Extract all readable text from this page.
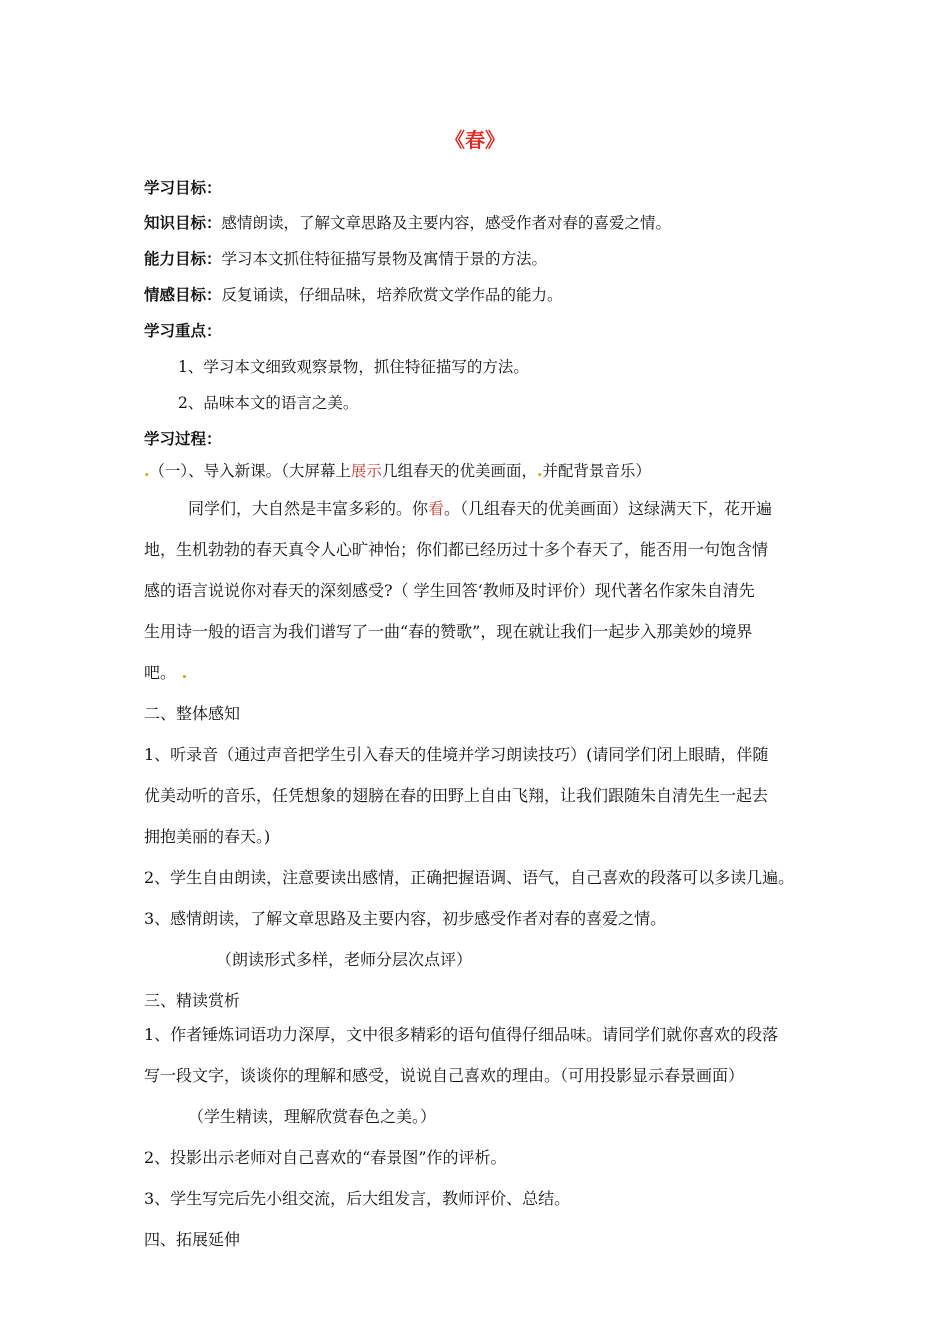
《春》
学习目标：
知识目标：感情朗读，了解文章思路及主要内容，感受作者对春的喜爱之情。
能力目标：学习本文抓住特征描写景物及寓情于景的方法。
情感目标：反复诵读，仔细品味，培养欣赏文学作品的能力。
学习重点：
1、学习本文细致观察景物，抓住特征描写的方法。
2、品味本文的语言之美。
学习过程：
.（一）、导入新课。（大屏幕上展示几组春天的优美画面，.并配背景音乐）
同学们，大自然是丰富多彩的。你看。（几组春天的优美画面）这绿满天下，花开遍
地，生机勃勃的春天真令人心旷神怡；你们都已经历过十多个春天了，能否用一句饱含情
感的语言说说你对春天的深刻感受?（ 学生回答‘教师及时评价）现代著名作家朱自清先
生用诗一般的语言为我们谱写了一曲“春的赞歌”，现在就让我们一起步入那美妙的境界
吧。 .
二、整体感知
1、听录音（通过声音把学生引入春天的佳境并学习朗读技巧）(请同学们闭上眼睛，伴随
优美动听的音乐，任凭想象的翅膀在春的田野上自由飞翔，让我们跟随朱自清先生一起去
拥抱美丽的春天。)
2、学生自由朗读，注意要读出感情，正确把握语调、语气，自己喜欢的段落可以多读几遍。
3、感情朗读，了解文章思路及主要内容，初步感受作者对春的喜爱之情。
（朗读形式多样，老师分层次点评）
三、精读赏析
1、作者锤炼词语功力深厚，文中很多精彩的语句值得仔细品味。请同学们就你喜欢的段落
写一段文字，谈谈你的理解和感受，说说自己喜欢的理由。（可用投影显示春景画面）
（学生精读，理解欣赏春色之美。）
2、投影出示老师对自己喜欢的“春景图”作的评析。
3、学生写完后先小组交流，后大组发言，教师评价、总结。
四、拓展延伸
